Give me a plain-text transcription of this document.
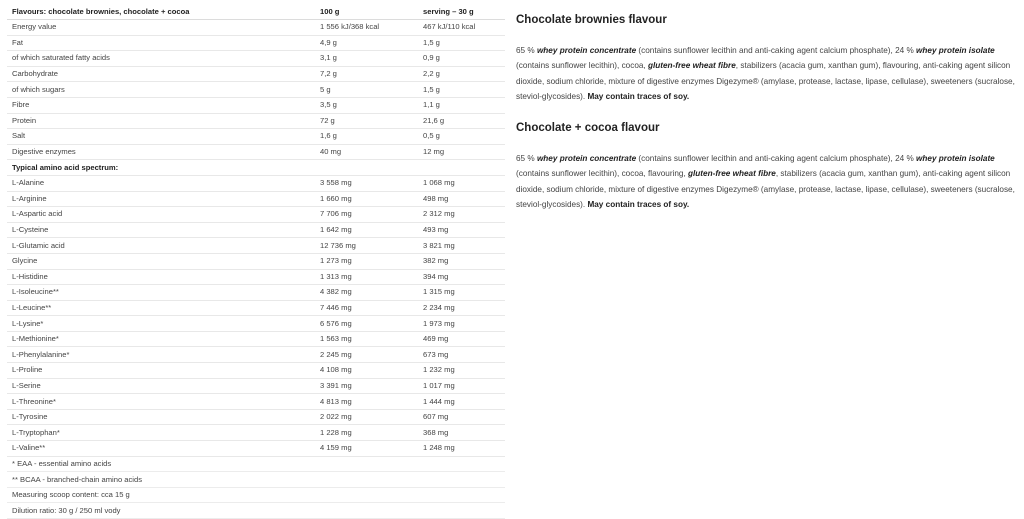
Flavours: chocolate brownies, chocolate + cocoa	100 g	serving – 30 g
Energy value	1 556 kJ/368 kcal	467 kJ/110 kcal
Fat	4,9 g	1,5 g
of which saturated fatty acids	3,1 g	0,9 g
Carbohydrate	7,2 g	2,2 g
of which sugars	5 g	1,5 g
Fibre	3,5 g	1,1 g
Protein	72 g	21,6 g
Salt	1,6 g	0,5 g
Digestive enzymes	40 mg	12 mg
Typical amino acid spectrum:		
L-Alanine	3 558 mg	1 068 mg
L-Arginine	1 660 mg	498 mg
L-Aspartic acid	7 706 mg	2 312 mg
L-Cysteine	1 642 mg	493 mg
L-Glutamic acid	12 736 mg	3 821 mg
Glycine	1 273 mg	382 mg
L-Histidine	1 313 mg	394 mg
L-Isoleucine**	4 382 mg	1 315 mg
L-Leucine**	7 446 mg	2 234 mg
L-Lysine*	6 576 mg	1 973 mg
L-Methionine*	1 563 mg	469 mg
L-Phenylalanine*	2 245 mg	673 mg
L-Proline	4 108 mg	1 232 mg
L-Serine	3 391 mg	1 017 mg
L-Threonine*	4 813 mg	1 444 mg
L-Tyrosine	2 022 mg	607 mg
L-Tryptophan*	1 228 mg	368 mg
L-Valine**	4 159 mg	1 248 mg
* EAA - essential amino acids		
** BCAA - branched-chain amino acids		
Measuring scoop content: cca 15 g		
Dilution ratio: 30 g / 250 ml vody		
Chocolate brownies flavour

65 % whey protein concentrate (contains sunflower lecithin and anti-caking agent calcium phosphate), 24 % whey protein isolate (contains sunflower lecithin), cocoa, gluten-free wheat fibre, stabilizers (acacia gum, xanthan gum), flavouring, anti-caking agent silicon dioxide, sodium chloride, mixture of digestive enzymes Digezyme® (amylase, protease, lactase, lipase, cellulase), sweeteners (sucralose, steviol-glycosides). May contain traces of soy.

Chocolate + cocoa flavour

65 % whey protein concentrate (contains sunflower lecithin and anti-caking agent calcium phosphate), 24 % whey protein isolate (contains sunflower lecithin), cocoa, flavouring, gluten-free wheat fibre, stabilizers (acacia gum, xanthan gum), anti-caking agent silicon dioxide, sodium chloride, mixture of digestive enzymes Digezyme® (amylase, protease, lactase, lipase, cellulase), sweeteners (sucralose, steviol-glycosides). May contain traces of soy.
